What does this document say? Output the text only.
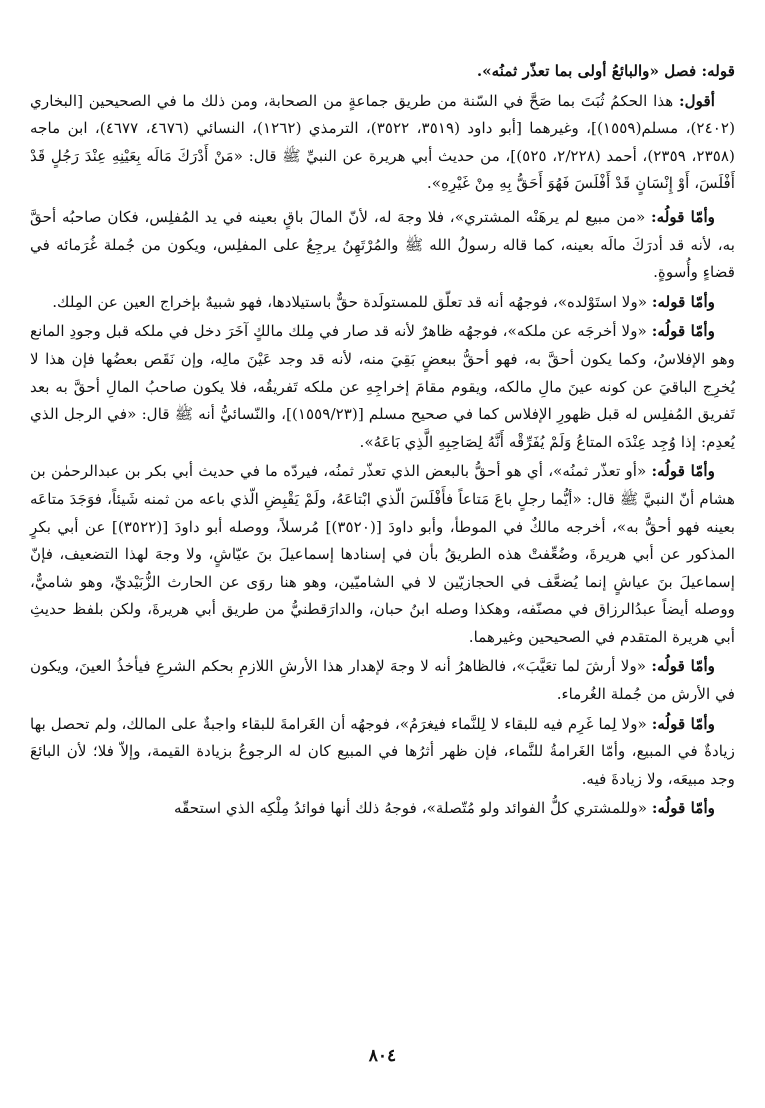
قوله: فصل «والبائعُ أولى بما تعذّر ثمنُه».

أقول: هذا الحكمُ ثُبَتَ بما صَحَّ في السّنة من طريق جماعةٍ من الصحابة، ومن ذلك ما في الصحيحين [البخاري (٢٤٠٢)، مسلم(١٥٥٩)]، وغيرهما [أبو داود (٣٥١٩، ٣٥٢٢)، الترمذي (١٢٦٢)، النسائي (٤٦٧٦، ٤٦٧٧)، ابن ماجه (٢٣٥٨، ٢٣٥٩)، أحمد (٢/٢٢٨، ٥٢٥)]، من حديث أبي هريرة عن النبيِّ ﷺ قال: «مَنْ أَدْرَكَ مَالَه بِعَيْنِهِ عِنْدَ رَجُلٍ قَدْ أَفْلَسَ، أَوْ إِنْسَانٍ قَدْ أَفْلَسَ فَهُوَ أَحَقُّ بِهِ مِنْ غَيْرِهِ».

وأمّا قولُه: «من مبيع لم يرهَنْه المشتري»، فلا وجهَ له، لأنّ المالَ باقٍ بعينه في يد المُفلِس، فكان صاحبُه أحقَّ به، لأنه قد أدرَكَ مالَه بعينه، كما قاله رسولُ الله ﷺ والمُرْتَهِنُ يرجِعُ على المفلِس، ويكون من جُملة غُرَمائه في قضاءٍ وأُسوةٍ.

وأمّا قوله: «ولا استَوْلده»، فوجهُه أنه قد تعلّق للمستولَدة حقٌّ باستيلادها، فهو شبيهٌ بإخراج العين عن المِلك.

وأمّا قولُه: «ولا أخرجَه عن ملكه»، فوجهُه ظاهرٌ لأنه قد صار في مِلك مالكٍ آخَرَ دخل في ملكه قبل وجودِ المانع وهو الإفلاسُ، وكما يكون أحقَّ به، فهو أحقُّ ببعضٍ بَقِيَ منه، لأنه قد وجد عَيْنَ مالِه، وإن نَقَص بعضُها فإن هذا لا يُخرِج الباقيَ عن كونه عينَ مالِ مالكه، ويقوم مقامَ إخراجِهِ عن ملكه تَفريقُه، فلا يكون صاحبُ المالِ أحقَّ به بعد تَفريق المُفلِس له قبل ظهورِ الإفلاس كما في صحيح مسلم [(١٥٥٩/٢٣)]، والنّسائيُّ أنه ﷺ قال: «في الرجل الذي يُعدِم: إذا وُجِد عِنْدَه المتاعُ وَلَمْ يُفَرِّقْه أَنَّهُ لِصَاحِبِهِ الَّذِي بَاعَهُ».

وأمّا قولُه: «أو تعذّر ثمنُه»، أي هو أحقُّ بالبعض الذي تعذّر ثمنُه، فيردّه ما في حديث أبي بكر بن عبدالرحمٰن بن هشام أنّ النبيَّ ﷺ قال: «أيُّما رجلٍ باعَ مَتاعاً فأَفْلَسَ الّذي ابْتاعَهُ، ولَمْ يَقْبِضِ الّذي باعه من ثمنه شَيئاً، فوَجَدَ متاعَه بعينه فهو أحقُّ به»، أخرجه مالكٌ في الموطأ، وأبو داودَ [(٣٥٢٠)] مُرسلاً، ووصله أبو داودَ [(٣٥٢٢)] عن أبي بكرٍ المذكور عن أبي هريرةَ، وضُعِّفتْ هذه الطريقُ بأن في إسنادها إسماعيلَ بنَ عيّاشٍ، ولا وجهَ لهذا التضعيف، فإنّ إسماعيلَ بنَ عياشٍ إنما يُضعَّف في الحجازيّين لا في الشاميّين، وهو هنا روَى عن الحارث الزُّبَيْديِّ، وهو شاميٌّ، ووصله أيضاً عبدُالرزاق في مصنّفه، وهكذا وصله ابنُ حبان، والدارَقطنيُّ من طريق أبي هريرةَ، ولكن بلفظ حديثِ أبي هريرة المتقدم في الصحيحين وغيرهما.

وأمّا قولُه: «ولا أرشَ لما تعَيَّبَ»، فالظاهرُ أنه لا وجهَ لإهدار هذا الأرشِ اللازمِ بحكم الشرعِ فيأخذُ العينَ، ويكون في الأرش من جُملة الغُرماء.

وأمّا قولُه: «ولا لِما غَرِم فيه للبقاء لا لِلنَّماء فيغرَمُ»، فوجهُه أن الغَرامةَ للبقاء واجبةٌ على المالك، ولم تحصل بها زيادةٌ في المبيع، وأمّا الغَرامةُ للنَّماء، فإن ظهر أثرُها في المبيع كان له الرجوعُ بزيادة القيمة، وإلاّ فلا؛ لأن البائعَ وجد مبيعَه، ولا زيادةَ فيه.

وأمّا قولُه: «وللمشتري كلُّ الفوائد ولو مُتّصلة»، فوجهُ ذلك أنها فوائدُ مِلْكِه الذي استحقّه

٨٠٤
